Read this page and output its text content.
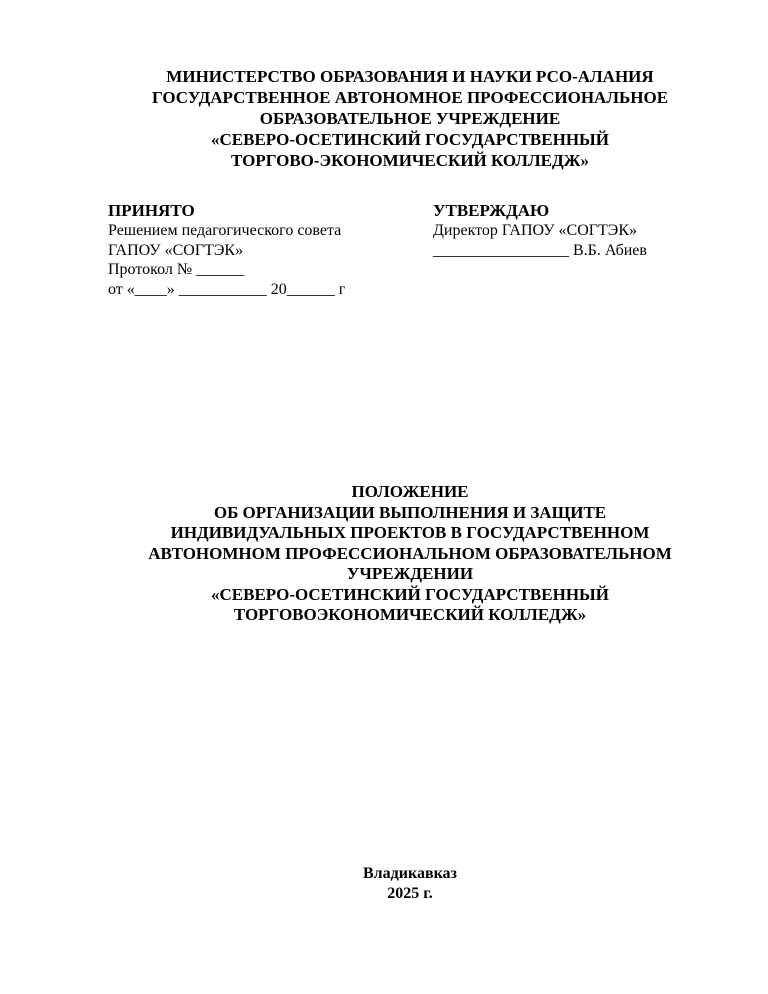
МИНИСТЕРСТВО ОБРАЗОВАНИЯ И НАУКИ РСО-АЛАНИЯ
ГОСУДАРСТВЕННОЕ АВТОНОМНОЕ ПРОФЕССИОНАЛЬНОЕ
ОБРАЗОВАТЕЛЬНОЕ УЧРЕЖДЕНИЕ
«СЕВЕРО-ОСЕТИНСКИЙ ГОСУДАРСТВЕННЫЙ
ТОРГОВО-ЭКОНОМИЧЕСКИЙ КОЛЛЕДЖ»
ПРИНЯТО
Решением педагогического совета
ГАПОУ «СОГТЭК»
Протокол № ______
от «____» ___________ 20______ г
УТВЕРЖДАЮ
Директор ГАПОУ «СОГТЭК»
_________________ В.Б. Абиев
ПОЛОЖЕНИЕ
ОБ ОРГАНИЗАЦИИ ВЫПОЛНЕНИЯ И ЗАЩИТЕ
ИНДИВИДУАЛЬНЫХ ПРОЕКТОВ В ГОСУДАРСТВЕННОМ
АВТОНОМНОМ ПРОФЕССИОНАЛЬНОМ ОБРАЗОВАТЕЛЬНОМ
УЧРЕЖДЕНИИ
«СЕВЕРО-ОСЕТИНСКИЙ ГОСУДАРСТВЕННЫЙ
ТОРГОВОЭКОНОМИЧЕСКИЙ КОЛЛЕДЖ»
Владикавказ
2025 г.
